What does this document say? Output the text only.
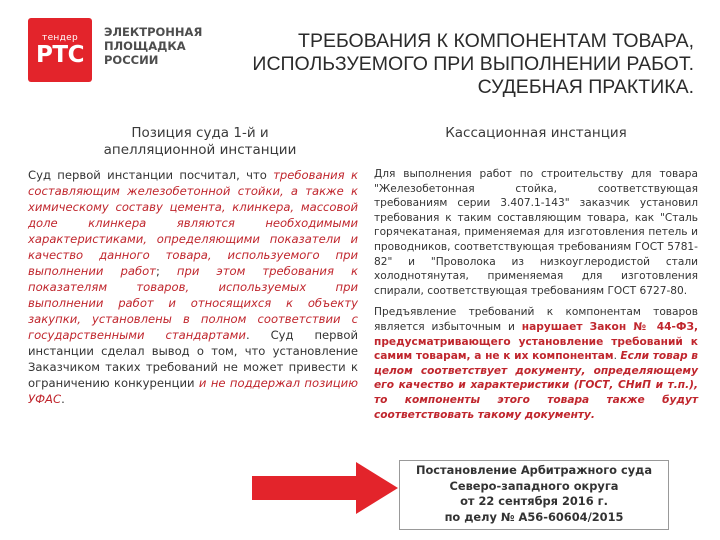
тендер
РТС
ЭЛЕКТРОННАЯ
ПЛОЩАДКА
РОССИИ
ТРЕБОВАНИЯ К КОМПОНЕНТАМ ТОВАРА,
ИСПОЛЬЗУЕМОГО ПРИ ВЫПОЛНЕНИИ РАБОТ.
СУДЕБНАЯ ПРАКТИКА.
Позиция суда 1-й и апелляционной инстанции
Кассационная инстанция
Суд первой инстанции посчитал, что требования к составляющим железобетонной стойки, а также к химическому составу цемента, клинкера, массовой доле клинкера являются необходимыми характеристиками, определяющими показатели и качество данного товара, используемого при выполнении работ; при этом требования к показателям товаров, используемых при выполнении работ и относящихся к объекту закупки, установлены в полном соответствии с государственными стандартами. Суд первой инстанции сделал вывод о том, что установление Заказчиком таких требований не может привести к ограничению конкуренции и не поддержал позицию УФАС.

Для выполнения работ по строительству для товара "Железобетонная стойка, соответствующая требованиям серии 3.407.1-143" заказчик установил требования к таким составляющим товара, как "Сталь горячекатаная, применяемая для изготовления петель и проводников, соответствующая требованиям ГОСТ 5781-82" и "Проволока из низкоуглеродистой стали холоднотянутая, применяемая для изготовления спирали, соответствующая требованиям ГОСТ 6727-80.

Предъявление требований к компонентам товаров является избыточным и нарушает Закон № 44-ФЗ, предусматривающего установление требований к самим товарам, а не к их компонентам. Если товар в целом соответствует документу, определяющему его качество и характеристики (ГОСТ, СНиП и т.п.), то компоненты этого товара также будут соответствовать такому документу.

Постановление Арбитражного суда
Северо-западного округа
от 22 сентября 2016 г.
по делу № А56-60604/2015
